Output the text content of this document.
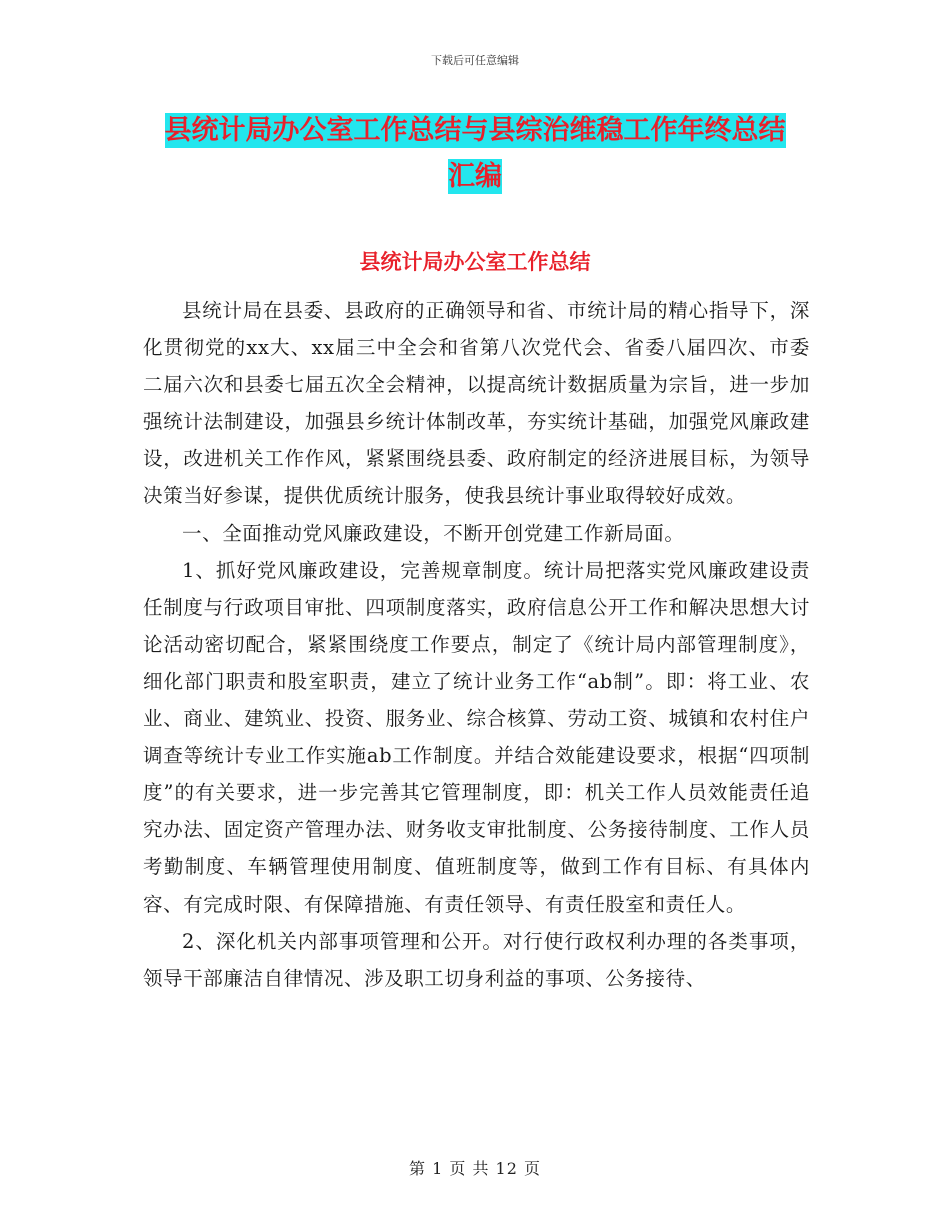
下载后可任意编辑
县统计局办公室工作总结与县综治维稳工作年终总结
汇编
县统计局办公室工作总结

县统计局在县委、县政府的正确领导和省、市统计局的精心指导下，深化贯彻党的xx大、xx届三中全会和省第八次党代会、省委八届四次、市委二届六次和县委七届五次全会精神，以提高统计数据质量为宗旨，进一步加强统计法制建设，加强县乡统计体制改革，夯实统计基础，加强党风廉政建设，改进机关工作作风，紧紧围绕县委、政府制定的经济进展目标，为领导决策当好参谋，提供优质统计服务，使我县统计事业取得较好成效。

一、全面推动党风廉政建设，不断开创党建工作新局面。

1、抓好党风廉政建设，完善规章制度。统计局把落实党风廉政建设责任制度与行政项目审批、四项制度落实，政府信息公开工作和解决思想大讨论活动密切配合，紧紧围绕度工作要点，制定了《统计局内部管理制度》，细化部门职责和股室职责，建立了统计业务工作“ab制”。即：将工业、农业、商业、建筑业、投资、服务业、综合核算、劳动工资、城镇和农村住户调查等统计专业工作实施ab工作制度。并结合效能建设要求，根据“四项制度”的有关要求，进一步完善其它管理制度，即：机关工作人员效能责任追究办法、固定资产管理办法、财务收支审批制度、公务接待制度、工作人员考勤制度、车辆管理使用制度、值班制度等，做到工作有目标、有具体内容、有完成时限、有保障措施、有责任领导、有责任股室和责任人。

2、深化机关内部事项管理和公开。对行使行政权利办理的各类事项，领导干部廉洁自律情况、涉及职工切身利益的事项、公务接待、

第 1 页 共 12 页
